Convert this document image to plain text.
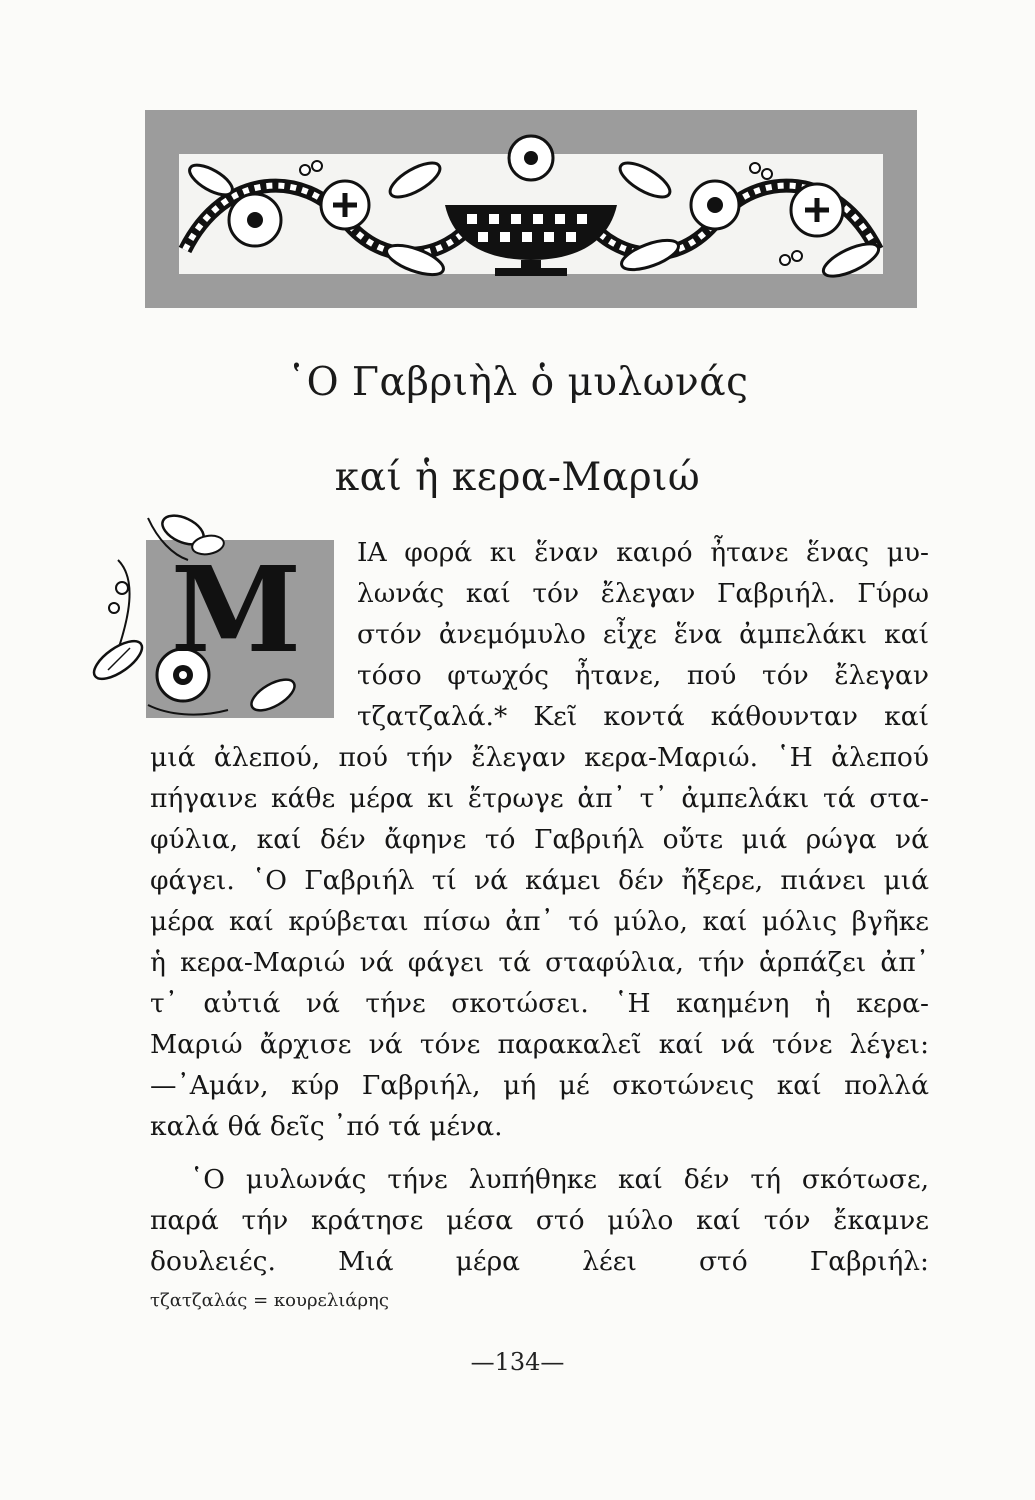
῾Ο Γαβριὴλ ὁ μυλωνάς
καί ἡ κερα-Μαριώ
Μ	ΙΑ φορά κι ἕναν καιρό ἦτανε ἕνας μυ-
λωνάς καί τόν ἔλεγαν Γαβριήλ. Γύρω
στόν ἀνεμόμυλο εἶχε ἕνα ἀμπελάκι καί
τόσο φτωχός ἦτανε, πού τόν ἔλεγαν
τζατζαλά.* Κεῖ κοντά κάθουνταν καί
μιά ἀλεπού, πού τήν ἔλεγαν κερα-Μαριώ. ῾Η ἀλεπού
πήγαινε κάθε μέρα κι ἔτρωγε ἀπ᾽ τ᾽ ἀμπελάκι τά στα-
φύλια, καί δέν ἄφηνε τό Γαβριήλ οὔτε μιά ρώγα νά
φάγει. ῾Ο Γαβριήλ τί νά κάμει δέν ἤξερε, πιάνει μιά
μέρα καί κρύβεται πίσω ἀπ᾽ τό μύλο, καί μόλις βγῆκε
ἡ κερα-Μαριώ νά φάγει τά σταφύλια, τήν ἁρπάζει ἀπ᾽
τ᾽ αὐτιά νά τήνε σκοτώσει. ῾Η καημένη ἡ κερα-
Μαριώ ἄρχισε νά τόνε παρακαλεῖ καί νά τόνε λέγει:
—᾽Αμάν, κύρ Γαβριήλ, μή μέ σκοτώνεις καί πολλά
καλά θά δεῖς ᾽πό τά μένα.
῾Ο μυλωνάς τήνε λυπήθηκε καί δέν τή σκότωσε,
τζατζαλάς = κουρελιάρης
—134—
παρά τήν κράτησε μέσα στό μύλο καί τόν ἔκαμνε
δουλειές. Μιά μέρα λέει στό Γαβριήλ:
